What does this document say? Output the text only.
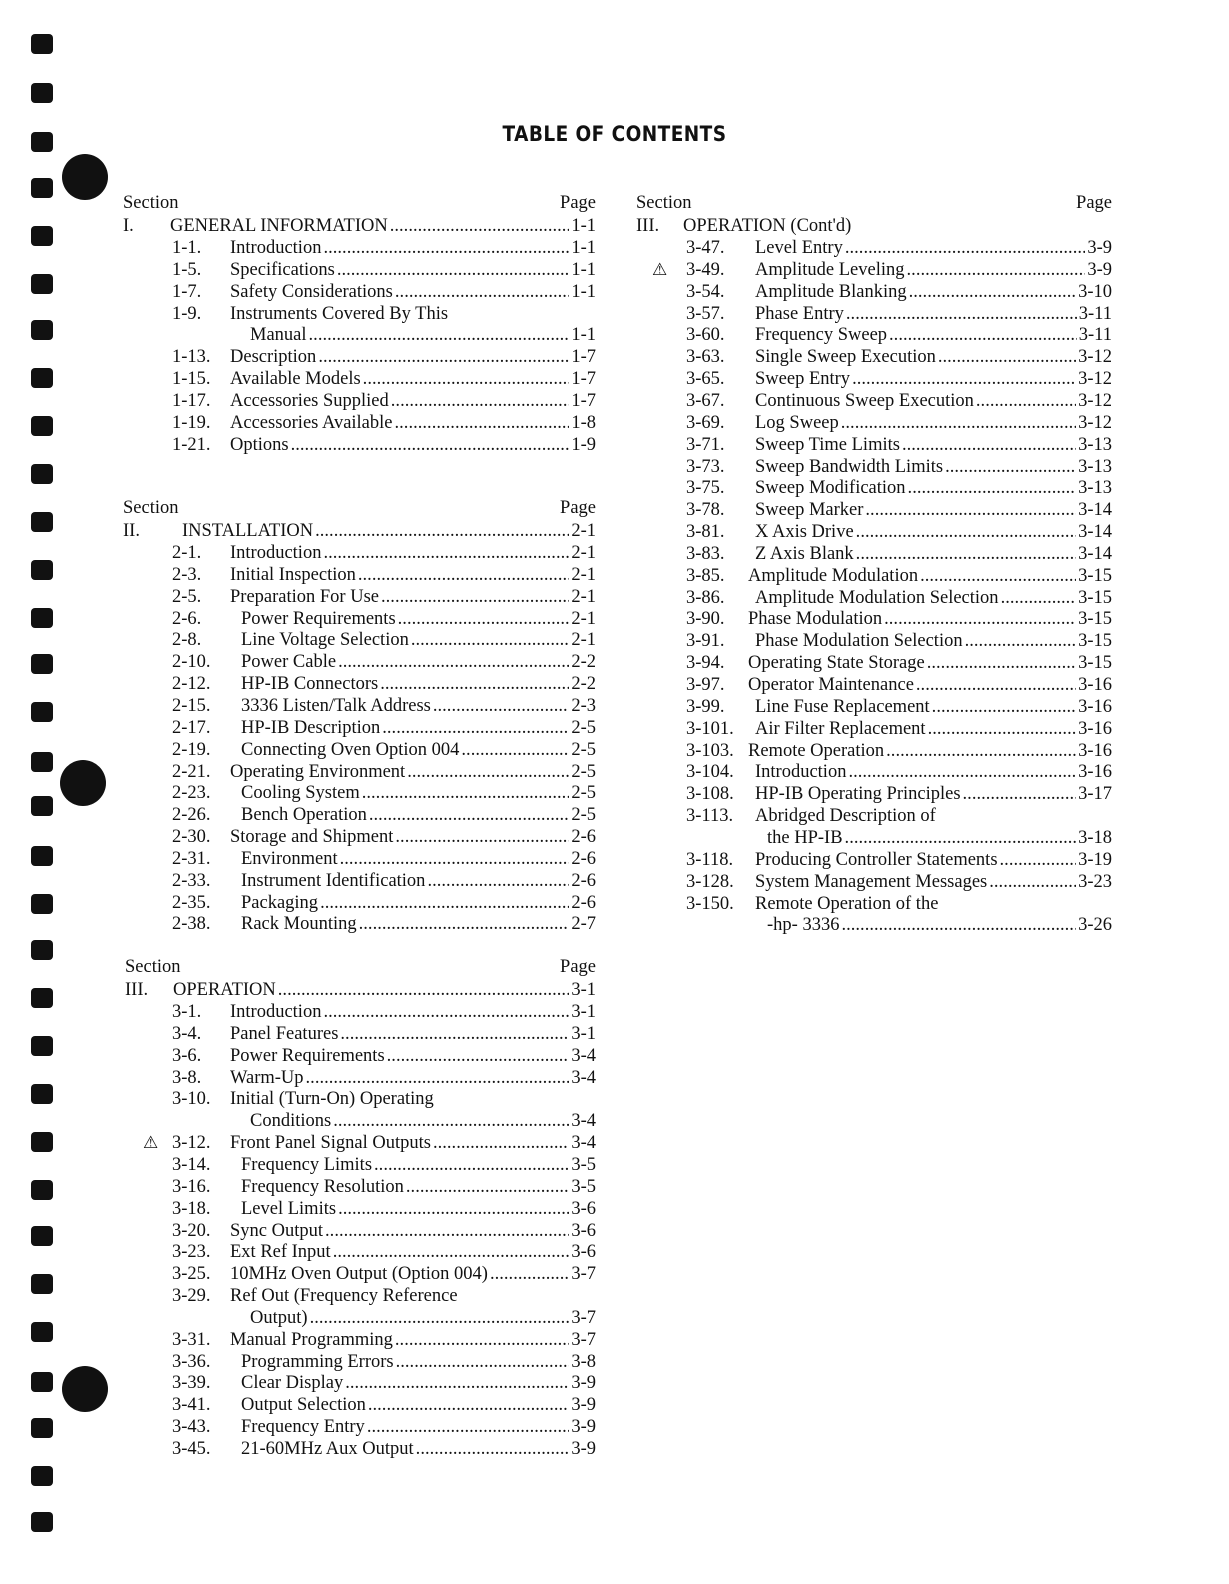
TABLE OF CONTENTS
Section	Page
I. GENERAL INFORMATION . . .	1-1
1-1. Introduction . . .	1-1
1-5. Specifications . . .	1-1
1-7. Safety Considerations . . .	1-1
1-9. Instruments Covered By This
Manual . . .	1-1
1-13. Description . . .	1-7
1-15. Available Models . . .	1-7
1-17. Accessories Supplied . . .	1-7
1-19. Accessories Available . . .	1-8
1-21. Options . . .	1-9
Section	Page
II. INSTALLATION . . .	2-1
2-1. Introduction . . .	2-1
2-3. Initial Inspection . . .	2-1
2-5. Preparation For Use . . .	2-1
2-6. Power Requirements . . .	2-1
2-8. Line Voltage Selection . . .	2-1
2-10. Power Cable . . .	2-2
2-12. HP-IB Connectors . . .	2-2
2-15. 3336 Listen/Talk Address . . .	2-3
2-17. HP-IB Description . . .	2-5
2-19. Connecting Oven Option 004 . . .	2-5
2-21. Operating Environment . . .	2-5
2-23. Cooling System . . .	2-5
2-26. Bench Operation . . .	2-5
2-30. Storage and Shipment . . .	2-6
2-31. Environment . . .	2-6
2-33. Instrument Identification . . .	2-6
2-35. Packaging . . .	2-6
2-38. Rack Mounting . . .	2-7
Section	Page
III. OPERATION . . .	3-1
3-1. Introduction . . .	3-1
3-4. Panel Features . . .	3-1
3-6. Power Requirements . . .	3-4
3-8. Warm-Up . . .	3-4
3-10. Initial (Turn-On) Operating
Conditions . . .	3-4
⚠ 3-12. Front Panel Signal Outputs . . .	3-4
3-14. Frequency Limits . . .	3-5
3-16. Frequency Resolution . . .	3-5
3-18. Level Limits . . .	3-6
3-20. Sync Output . . .	3-6
3-23. Ext Ref Input . . .	3-6
3-25. 10MHz Oven Output (Option 004) . . .	3-7
3-29. Ref Out (Frequency Reference
Output) . . .	3-7
3-31. Manual Programming . . .	3-7
3-36. Programming Errors . . .	3-8
3-39. Clear Display . . .	3-9
3-41. Output Selection . . .	3-9
3-43. Frequency Entry . . .	3-9
3-45. 21-60MHz Aux Output . . .	3-9
Section	Page
III. OPERATION (Cont'd)
3-47. Level Entry . . .	3-9
⚠ 3-49. Amplitude Leveling . . .	3-9
3-54. Amplitude Blanking . . .	3-10
3-57. Phase Entry . . .	3-11
3-60. Frequency Sweep . . .	3-11
3-63. Single Sweep Execution . . .	3-12
3-65. Sweep Entry . . .	3-12
3-67. Continuous Sweep Execution . . .	3-12
3-69. Log Sweep . . .	3-12
3-71. Sweep Time Limits . . .	3-13
3-73. Sweep Bandwidth Limits . . .	3-13
3-75. Sweep Modification . . .	3-13
3-78. Sweep Marker . . .	3-14
3-81. X Axis Drive . . .	3-14
3-83. Z Axis Blank . . .	3-14
3-85. Amplitude Modulation . . .	3-15
3-86. Amplitude Modulation Selection . . .	3-15
3-90. Phase Modulation . . .	3-15
3-91. Phase Modulation Selection . . .	3-15
3-94. Operating State Storage . . .	3-15
3-97. Operator Maintenance . . .	3-16
3-99. Line Fuse Replacement . . .	3-16
3-101. Air Filter Replacement . . .	3-16
3-103. Remote Operation . . .	3-16
3-104. Introduction . . .	3-16
3-108. HP-IB Operating Principles . . .	3-17
3-113. Abridged Description of
the HP-IB . . .	3-18
3-118. Producing Controller Statements . . .	3-19
3-128. System Management Messages . . .	3-23
3-150. Remote Operation of the
-hp- 3336 . . .	3-26
